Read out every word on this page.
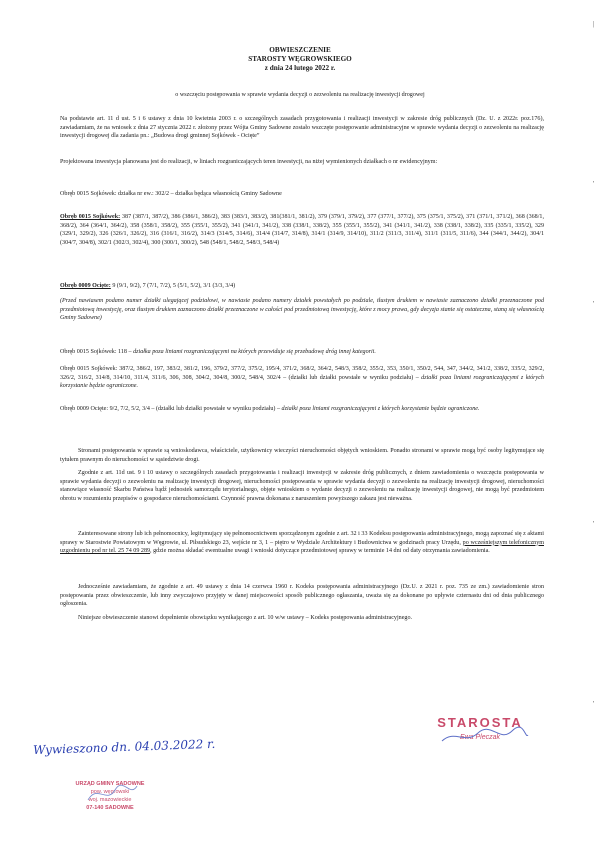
OBWIESZCZENIE
STAROSTY WĘGROWSKIEGO
z dnia 24 lutego 2022 r.
o wszczęciu postępowania w sprawie wydania decyzji o zezwoleniu na realizację inwestycji drogowej
Na podstawie art. 11 d ust. 5 i 6 ustawy z dnia 10 kwietnia 2003 r. o szczególnych zasadach przygotowania i realizacji inwestycji w zakresie dróg publicznych (Dz. U. z 2022r. poz.176), zawiadamiam, że na wniosek z dnia 27 stycznia 2022 r. złożony przez Wójta Gminy Sadowne zostało wszczęte postępowanie administracyjne w sprawie wydania decyzji o zezwoleniu na realizację inwestycji drogowej dla zadania pn.: „Budowa drogi gminnej Sojkówek - Ocięte”
Projektowana inwestycja planowana jest do realizacji, w liniach rozgraniczających teren inwestycji, na niżej wymienionych działkach o nr ewidencyjnym:
Obręb 0015 Sojkówek: działka nr ew.: 302/2 – działka będąca własnością Gminy Sadowne
Obręb 0015 Sojkówek: 387 (387/1, 387/2), 386 (386/1, 386/2), 383 (383/1, 383/2), 381(381/1, 381/2), 379 (379/1, 379/2), 377 (377/1, 377/2), 375 (375/1, 375/2), 371 (371/1, 371/2), 368 (368/1, 368/2), 364 (364/1, 364/2), 358 (358/1, 358/2), 355 (355/1, 355/2), 341 (341/1, 341/2), 338 (338/1, 338/2), 355 (355/1, 355/2), 341 (341/1, 341/2), 338 (338/1, 338/2), 335 (335/1, 335/2), 329 (329/1, 329/2), 326 (326/1, 326/2), 316 (316/1, 316/2), 314/3 (314/5, 314/6), 314/4 (314/7, 314/8), 314/1 (314/9, 314/10), 311/2 (311/3, 311/4), 311/1 (311/5, 311/6), 344 (344/1, 344/2), 304/1 (304/7, 304/8), 302/1 (302/3, 302/4), 300 (300/1, 300/2), 548 (548/1, 548/2, 548/3, 548/4)
Obręb 0009 Ocięte: 9 (9/1, 9/2), 7 (7/1, 7/2), 5 (5/1, 5/2), 3/1 (3/3, 3/4)
(Przed nawiasem podano numer działki ulegającej podziałowi, w nawiasie podano numery działek powstałych po podziale, tłustym drukiem w nawiasie zaznaczono działki przeznaczone pod przedmiotową inwestycję, oraz tłustym drukiem zaznaczono działki przeznaczone w całości pod przedmiotową inwestycję, które z mocy prawa, gdy decyzja stanie się ostateczna, staną się własnością Gminy Sadowne)
Obręb 0015 Sojkówek: 118 – działka poza liniami rozgraniczającymi na których przewiduje się przebudowę dróg innej kategorii.
Obręb 0015 Sojkówek: 387/2, 386/2, 197, 383/2, 381/2, 196, 379/2, 377/2, 375/2, 195/4, 371/2, 368/2, 364/2, 548/3, 358/2, 355/2, 353, 350/1, 350/2, 544, 347, 344/2, 341/2, 338/2, 335/2, 329/2, 326/2, 316/2, 314/8, 314/10, 311/4, 311/6, 306, 308, 304/2, 304/8, 300/2, 548/4, 302/4 – (działki lub działki powstałe w wyniku podziału) – działki poza liniami rozgraniczającymi z których korzystanie będzie ograniczone.
Obręb 0009 Ocięte: 9/2, 7/2, 5/2, 3/4 – (działki lub działki powstałe w wyniku podziału) – działki poza liniami rozgraniczającymi z których korzystanie będzie ograniczone.
Stronami postępowania w sprawie są wnioskodawca, właściciele, użytkownicy wieczyści nieruchomości objętych wnioskiem. Ponadto stronami w sprawie mogą być osoby legitymujące się tytułem prawnym do nieruchomości w sąsiedztwie drogi.
Zgodnie z art. 11d ust. 9 i 10 ustawy o szczególnych zasadach przygotowania i realizacji inwestycji w zakresie dróg publicznych, z dniem zawiadomienia o wszczęciu postępowania w sprawie wydania decyzji o zezwoleniu na realizację inwestycji drogowej, nieruchomości postępowania w sprawie wydania decyzji o zezwoleniu na realizację inwestycji drogowej, nieruchomości stanowiące własność Skarbu Państwa bądź jednostek samorządu terytorialnego, objęte wnioskiem o wydanie decyzji o zezwoleniu na realizację inwestycji drogowej, nie mogą być przedmiotem obrotu w rozumieniu przepisów o gospodarce nieruchomościami. Czynność prawna dokonana z naruszeniem powyższego zakazu jest nieważna.
Zainteresowane strony lub ich pełnomocnicy, legitymujący się pełnomocnictwem sporządzonym zgodnie z art. 32 i 33 Kodeksu postępowania administracyjnego, mogą zapoznać się z aktami sprawy w Starostwie Powiatowym w Węgrowie, ul. Piłsudskiego 23, wejście nr 3, 1 – piętro w Wydziale Architektury i Budownictwa w godzinach pracy Urzędu, po wcześniejszym telefonicznym uzgodnieniu pod nr tel. 25 74 09 289, gdzie można składać ewentualne uwagi i wnioski dotyczące przedmiotowej sprawy w terminie 14 dni od daty otrzymania zawiadomienia.
Jednocześnie zawiadamiam, że zgodnie z art. 49 ustawy z dnia 14 czerwca 1960 r. Kodeks postępowania administracyjnego (Dz.U. z 2021 r. poz. 735 ze zm.) zawiadomienie stron postępowania przez obwieszczenie, lub inny zwyczajowo przyjęty w danej miejscowości sposób publicznego ogłaszania, uważa się za dokonane po upływie czternastu dni od dnia publicznego ogłoszenia.
Niniejsze obwieszczenie stanowi dopełnienie obowiązku wynikającego z art. 10 w/w ustawy – Kodeks postępowania administracyjnego.
STAROSTA
Ewa Pleczak
Wywieszono dn. 04.03.2022 r.
URZĄD GMINY SADOWNE
pow. węgrowski
woj. mazowieckie
07-140 SADOWNE
|
'
'
'
'
